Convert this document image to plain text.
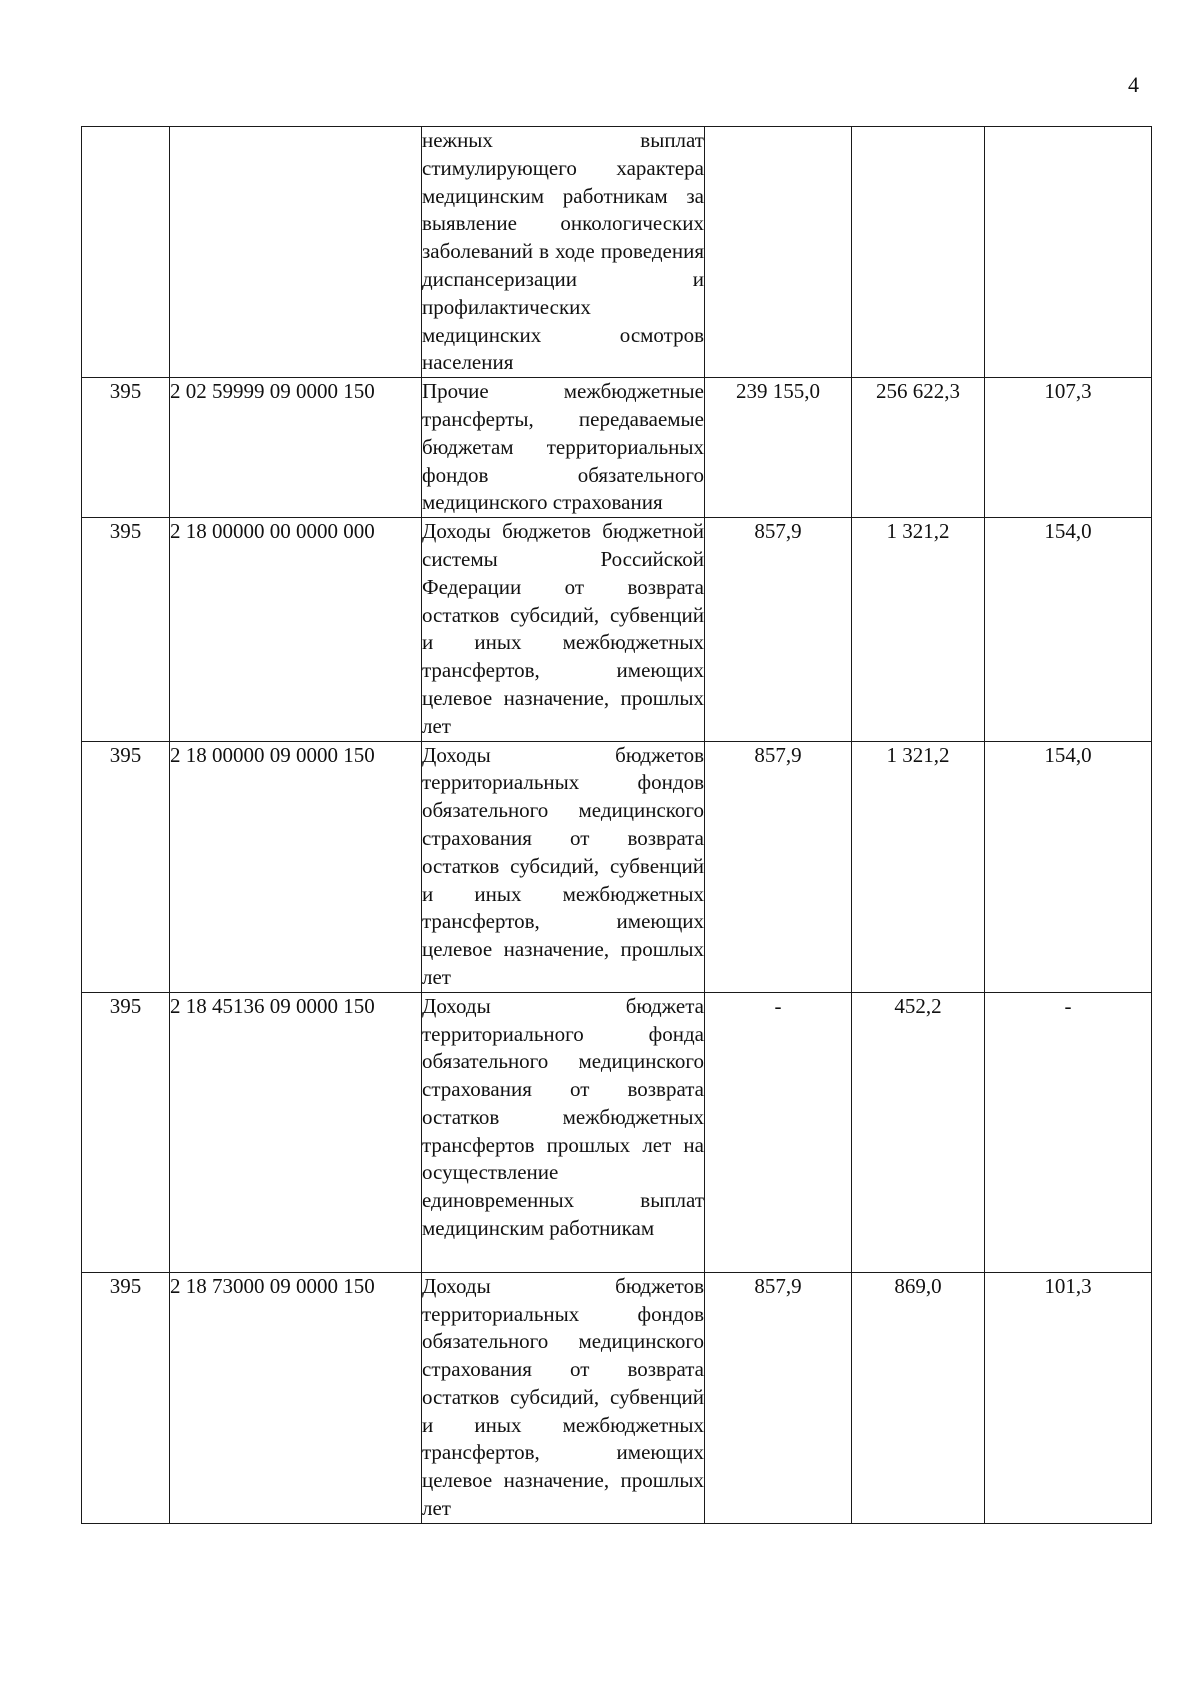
4

		нежных выплат стимулирующего характера медицинским работникам за выявление онкологических заболеваний в ходе проведения диспансеризации и профилактических медицинских осмотров населения			

395	2 02 59999 09 0000 150	Прочие межбюджетные трансферты, передаваемые бюджетам территориальных фондов обязательного медицинского страхования	239 155,0	256 622,3	107,3
395	2 18 00000 00 0000 000	Доходы бюджетов бюджетной системы Российской Федерации от возврата остатков субсидий, субвенций и иных межбюджетных трансфертов, имеющих целевое назначение, прошлых лет	857,9	1 321,2	154,0
395	2 18 00000 09 0000 150	Доходы бюджетов территориальных фондов обязательного медицинского страхования от возврата остатков субсидий, субвенций и иных межбюджетных трансфертов, имеющих целевое назначение, прошлых лет	857,9	1 321,2	154,0
395	2 18 45136 09 0000 150	Доходы бюджета территориального фонда обязательного медицинского страхования от возврата остатков межбюджетных трансфертов прошлых лет на осуществление единовременных выплат медицинским работникам	-	452,2	-
395	2 18 73000 09 0000 150	Доходы бюджетов территориальных фондов обязательного медицинского страхования от возврата остатков субсидий, субвенций и иных межбюджетных трансфертов, имеющих целевое назначение, прошлых лет	857,9	869,0	101,3
